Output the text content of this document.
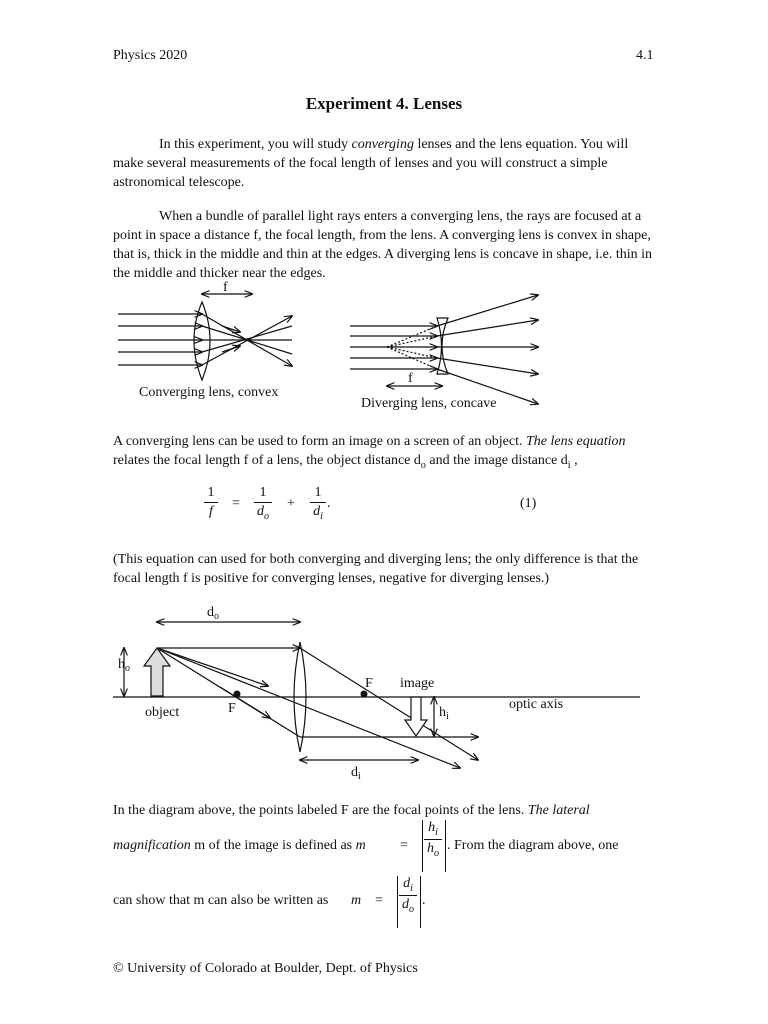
Physics 2020	4.1
Experiment 4. Lenses
In this experiment, you will study converging lenses and the lens equation. You will make several measurements of the focal length of lenses and you will construct a simple astronomical telescope.
When a bundle of parallel light rays enters a converging lens, the rays are focused at a point in space a distance f, the focal length, from the lens. A converging lens is convex in shape, that is, thick in the middle and thin at the edges. A diverging lens is concave in shape, i.e. thin in the middle and thicker near the edges.
f
f
Converging lens, convex
Diverging lens, concave
A converging lens can be used to form an image on a screen of an object. The lens equation relates the focal length f of a lens, the object distance $d_o$ and the image distance $d_i$ ,
1
f
=
1
$d_o$
+
1
$d_i$
.	(1)
(This equation can used for both converging and diverging lens; the only difference is that the focal length f is positive for converging lenses, negative for diverging lenses.)
$d_o$
$h_o$
object	F
F image
$h_i$
optic axis
$d_i$
In the diagram above, the points labeled F are the focal points of the lens. The lateral
magnification m of the image is defined as m =
$h_i$
$h_o$
. From the diagram above, one
can show that m can also be written as m =
$d_i$
$d_o$
.
© University of Colorado at Boulder, Dept. of Physics
